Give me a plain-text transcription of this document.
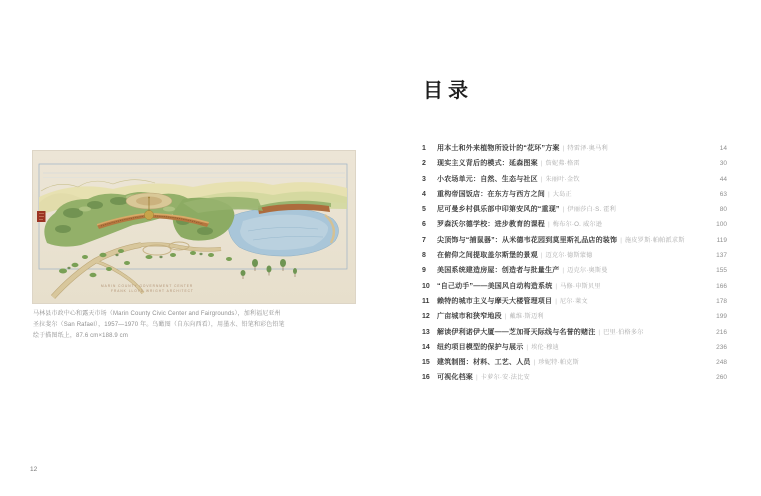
MARIN COUNTY GOVERNMENT CENTER
FRANK LLOYD WRIGHT ARCHITECT
马林县市政中心和露天市场（Marin County Civic Center and Fairgrounds），加利福尼亚州
圣拉斐尔（San Rafael），1957—1970 年。鸟瞰图（自东向西看），用墨水、铅笔和彩色铅笔
绘于描图纸上，87.6 cm×188.9 cm
12
目录
1	用本土和外来植物所设计的“花环”方案 | 特雷泽·奥马利	14
2	现实主义背后的模式：延森图案 | 詹妮弗·格雷	30
3	小农场单元：自然、生态与社区 | 朱丽叶·金钦	44
4	重构帝国饭店：在东方与西方之间 | 大岛正	63
5	尼可曼乡村俱乐部中印第安风的“重现” | 伊丽莎白·S. 霍利	80
6	罗森沃尔德学校：进步教育的课程 | 梅布尔·O. 威尔逊	100
7	尖顶饰与“捕鼠器”：从米德韦花园到莫里斯礼品店的装饰 | 施皮罗斯·帕帕派求斯	119
8	在俯仰之间提取盖尔斯堡的景观 | 迈克尔·德斯蒙德	137
9	美国系统建造房屋：创造者与批量生产 | 迈克尔·奥斯曼	155
10	“自己动手”——美国风自动构造系统 | 马修·申斯贝里	166
11	赖特的城市主义与摩天大楼管理项目 | 尼尔·莱文	178
12	广亩城市和狭窄地段 | 戴维·斯迈利	199
13	解读伊利诺伊大厦——芝加哥天际线与名誉的赌注 | 巴里·伯格多尔	216
14	纽约项目模型的保护与展示 | 埃伦·穆迪	236
15	建筑制图：材料、工艺、人员 | 珍妮特·帕克斯	248
16	可视化档案 | 卡萝尔·安·法比安	260
